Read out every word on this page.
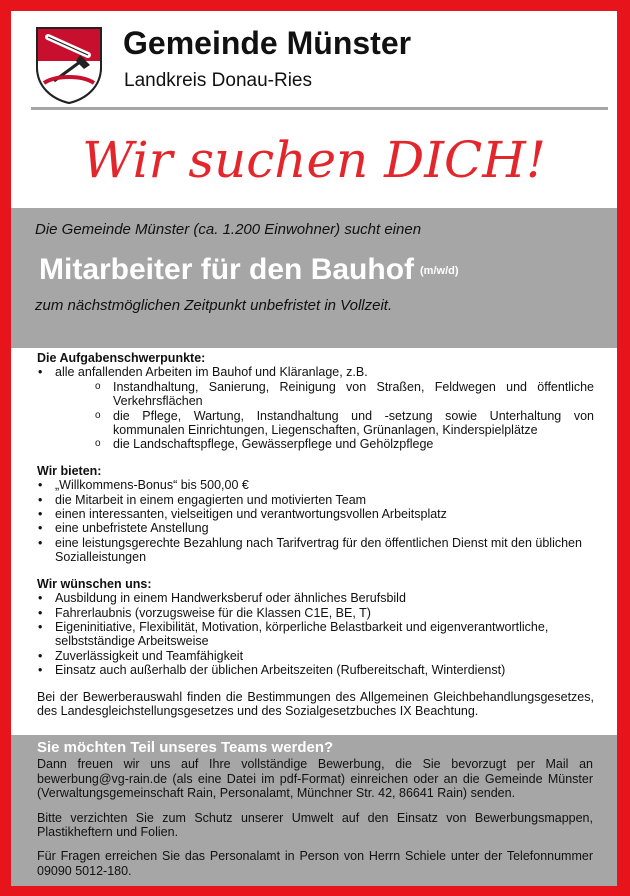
Gemeinde Münster
Landkreis Donau-Ries
Wir suchen DICH!
Die Gemeinde Münster (ca. 1.200 Einwohner) sucht einen
Mitarbeiter für den Bauhof (m/w/d)
zum nächstmöglichen Zeitpunkt unbefristet in Vollzeit.
Die Aufgabenschwerpunkte:
• alle anfallenden Arbeiten im Bauhof und Kläranlage, z.B.
o Instandhaltung, Sanierung, Reinigung von Straßen, Feldwegen und öffentliche Verkehrsflächen
o die Pflege, Wartung, Instandhaltung und -setzung sowie Unterhaltung von kommunalen Einrichtungen, Liegenschaften, Grünanlagen, Kinderspielplätze
o die Landschaftspflege, Gewässerpflege und Gehölzpflege
Wir bieten:
• „Willkommens-Bonus“ bis 500,00 €
• die Mitarbeit in einem engagierten und motivierten Team
• einen interessanten, vielseitigen und verantwortungsvollen Arbeitsplatz
• eine unbefristete Anstellung
• eine leistungsgerechte Bezahlung nach Tarifvertrag für den öffentlichen Dienst mit den üblichen Sozialleistungen
Wir wünschen uns:
• Ausbildung in einem Handwerksberuf oder ähnliches Berufsbild
• Fahrerlaubnis (vorzugsweise für die Klassen C1E, BE, T)
• Eigeninitiative, Flexibilität, Motivation, körperliche Belastbarkeit und eigenverantwortliche, selbstständige Arbeitsweise
• Zuverlässigkeit und Teamfähigkeit
• Einsatz auch außerhalb der üblichen Arbeitszeiten (Rufbereitschaft, Winterdienst)
Bei der Bewerberauswahl finden die Bestimmungen des Allgemeinen Gleichbehandlungsgesetzes, des Landesgleichstellungsgesetzes und des Sozialgesetzbuches IX Beachtung.
Sie möchten Teil unseres Teams werden?

Dann freuen wir uns auf Ihre vollständige Bewerbung, die Sie bevorzugt per Mail an bewerbung@vg-rain.de (als eine Datei im pdf-Format) einreichen oder an die Gemeinde Münster (Verwaltungsgemeinschaft Rain, Personalamt, Münchner Str. 42, 86641 Rain) senden.

Bitte verzichten Sie zum Schutz unserer Umwelt auf den Einsatz von Bewerbungsmappen, Plastikheftern und Folien.

Für Fragen erreichen Sie das Personalamt in Person von Herrn Schiele unter der Telefonnummer 09090 5012-180.
